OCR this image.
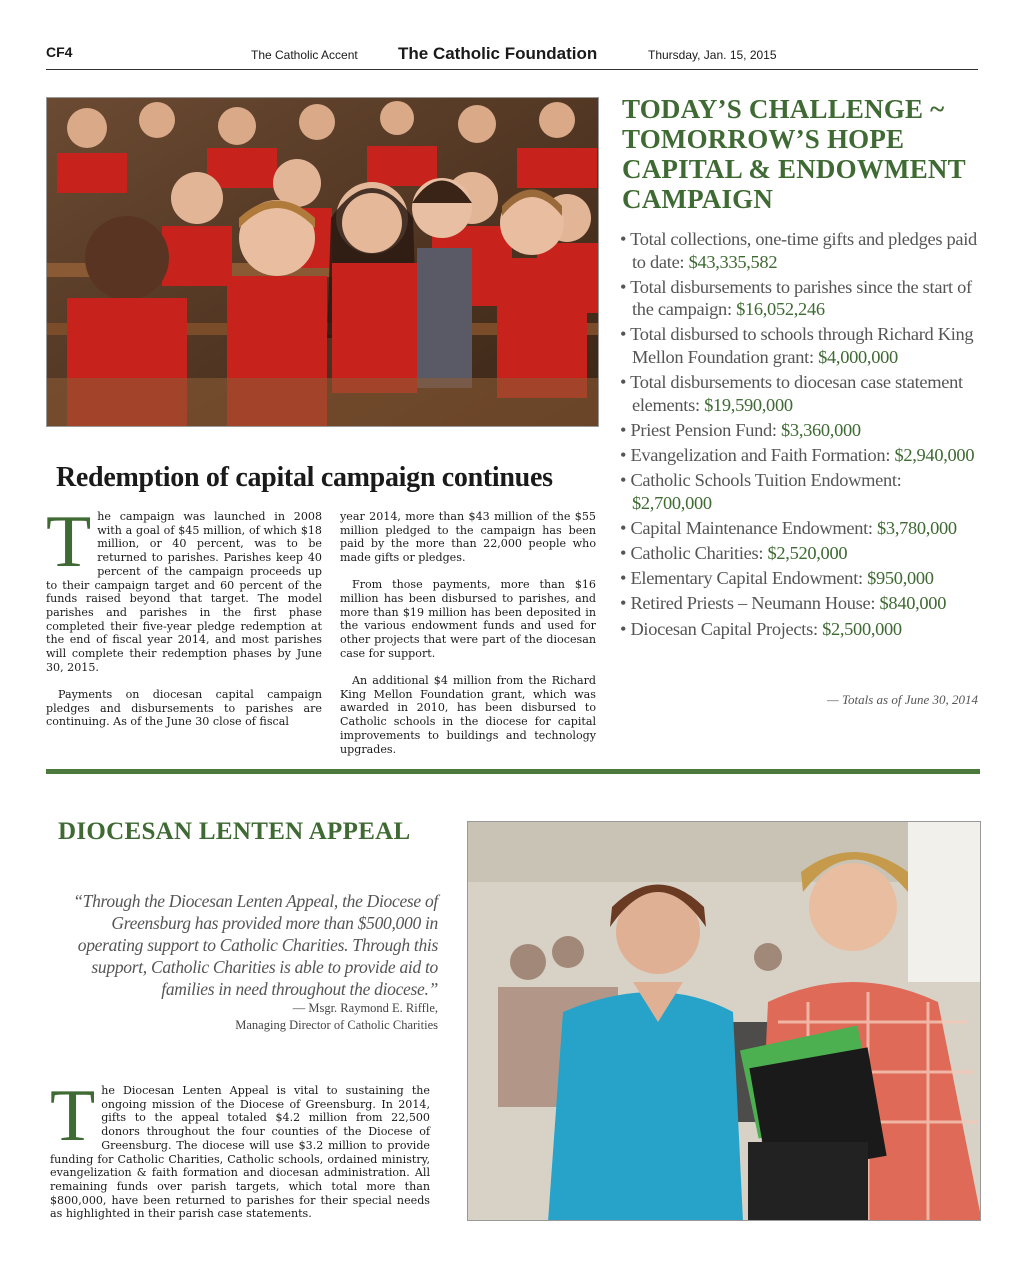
CF4	The Catholic Accent The Catholic Foundation	Thursday, Jan. 15, 2015
Redemption of capital campaign continues

The campaign was launched in 2008 with a goal of $45 million, of which $18 million, or 40 percent, was to be returned to parishes. Parishes keep 40 percent of the campaign proceeds up to their campaign target and 60 percent of the funds raised beyond that target. The model parishes and parishes in the first phase completed their five-year pledge redemption at the end of fiscal year 2014, and most parishes will complete their redemption phases by June 30, 2015.

Payments on diocesan capital campaign pledges and disbursements to parishes are continuing. As of the June 30 close of fiscal

year 2014, more than $43 million of the $55 million pledged to the campaign has been paid by the more than 22,000 people who made gifts or pledges.

From those payments, more than $16 million has been disbursed to parishes, and more than $19 million has been deposited in the various endowment funds and used for other projects that were part of the diocesan case for support.

An additional $4 million from the Richard King Mellon Foundation grant, which was awarded in 2010, has been disbursed to Catholic schools in the diocese for capital improvements to buildings and technology upgrades.

TODAY’S CHALLENGE ~ TOMORROW’S HOPE CAPITAL & ENDOWMENT CAMPAIGN
• Total collections, one-time gifts and pledges paid to date: $43,335,582
• Total disbursements to parishes since the start of the campaign: $16,052,246
• Total disbursed to schools through Richard King Mellon Foundation grant: $4,000,000
• Total disbursements to diocesan case statement elements: $19,590,000
• Priest Pension Fund: $3,360,000
• Evangelization and Faith Formation: $2,940,000
• Catholic Schools Tuition Endowment: $2,700,000
• Capital Maintenance Endowment: $3,780,000
• Catholic Charities: $2,520,000
• Elementary Capital Endowment: $950,000
• Retired Priests – Neumann House: $840,000
• Diocesan Capital Projects: $2,500,000
— Totals as of June 30, 2014
DIOCESAN LENTEN APPEAL
“Through the Diocesan Lenten Appeal, the Diocese of Greensburg has provided more than $500,000 in operating support to Catholic Charities. Through this support, Catholic Charities is able to provide aid to families in need throughout the diocese.”
— Msgr. Raymond E. Riffle,
Managing Director of Catholic Charities

The Diocesan Lenten Appeal is vital to sustaining the ongoing mission of the Diocese of Greensburg. In 2014, gifts to the appeal totaled $4.2 million from 22,500 donors throughout the four counties of the Diocese of Greensburg. The diocese will use $3.2 million to provide funding for Catholic Charities, Catholic schools, ordained ministry, evangelization & faith formation and diocesan administration. All remaining funds over parish targets, which total more than $800,000, have been returned to parishes for their special needs as highlighted in their parish case statements.
